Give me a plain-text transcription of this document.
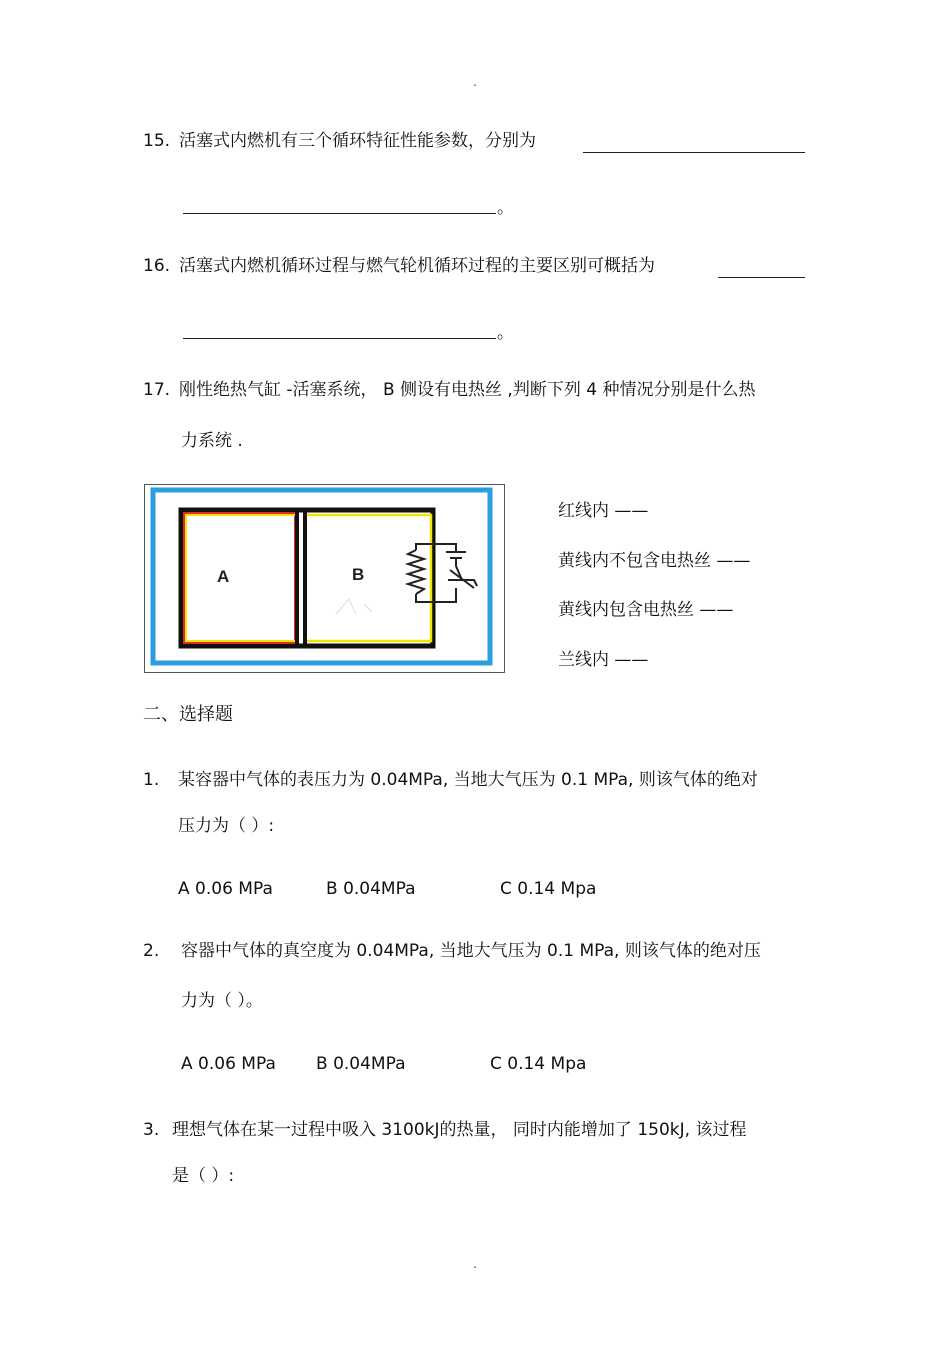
.
.
15. 活塞式内燃机有三个循环特征性能参数，分别为
。
16. 活塞式内燃机循环过程与燃气轮机循环过程的主要区别可概括为
。
17. 刚性绝热气缸 -活塞系统， B 侧设有电热丝 ,判断下列 4 种情况分别是什么热
力系统 .
A	B
红线内 ——
黄线内不包含电热丝 ——
黄线内包含电热丝 ——
兰线内 ——
二、选择题
1. 某容器中气体的表压力为 0.04MPa, 当地大气压为 0.1 MPa, 则该气体的绝对
压力为（ ）:
A 0.06 MPa	B 0.04MPa	C 0.14 Mpa
2. 容器中气体的真空度为 0.04MPa, 当地大气压为 0.1 MPa, 则该气体的绝对压
力为（ ）。
A 0.06 MPa B 0.04MPa	C 0.14 Mpa
3. 理想气体在某一过程中吸入 3100kJ的热量， 同时内能增加了 150kJ, 该过程
是（ ）:
